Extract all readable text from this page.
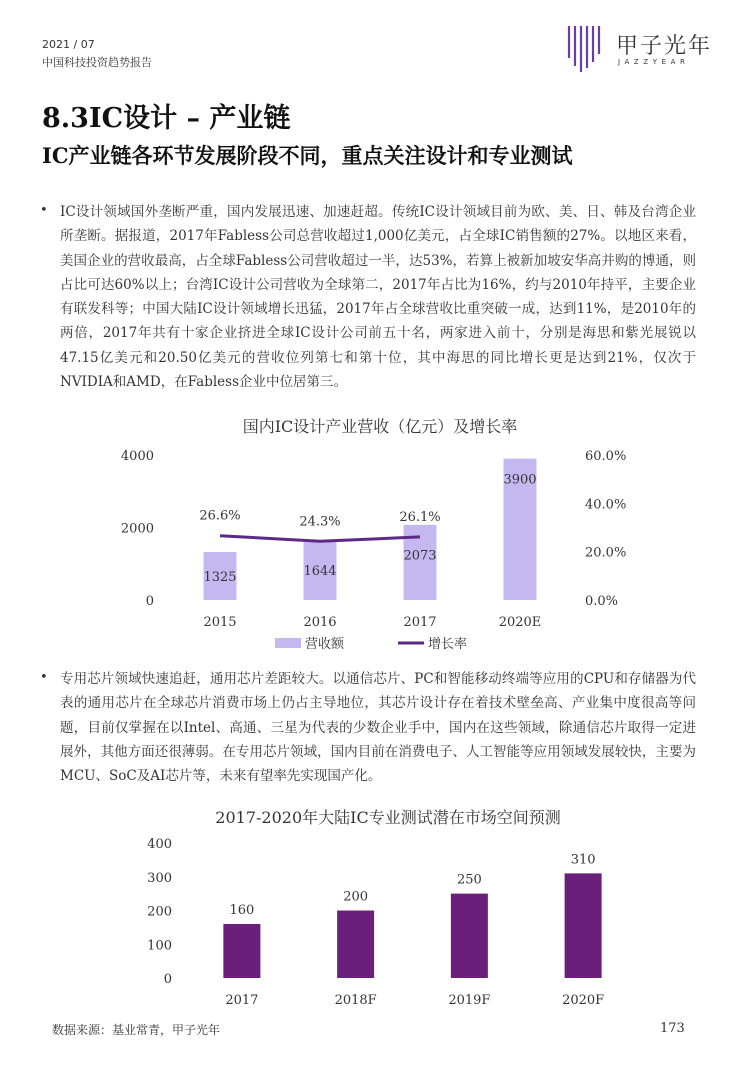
2021 / 07
中国科技投资趋势报告
甲子光年
JAZZYEAR
8.3IC设计 – 产业链
IC产业链各环节发展阶段不同，重点关注设计和专业测试
• IC设计领域国外垄断严重，国内发展迅速、加速赶超。传统IC设计领域目前为欧、美、日、韩及台湾企业所垄断。据报道，2017年Fabless公司总营收超过1,000亿美元，占全球IC销售额的27%。以地区来看，美国企业的营收最高，占全球Fabless公司营收超过一半，达53%，若算上被新加坡安华高并购的博通，则占比可达60%以上；台湾IC设计公司营收为全球第二，2017年占比为16%，约与2010年持平，主要企业有联发科等；中国大陆IC设计领域增长迅猛，2017年占全球营收比重突破一成，达到11%，是2010年的两倍，2017年共有十家企业挤进全球IC设计公司前五十名，两家进入前十，分别是海思和紫光展锐以47.15亿美元和20.50亿美元的营收位列第七和第十位，其中海思的同比增长更是达到21%，仅次于NVIDIA和AMD，在Fabless企业中位居第三。

国内IC设计产业营收（亿元）及增长率
0
2000
4000
0.0%
20.0%
40.0%
60.0%
1325	1644
2073
3900
26.6%	24.3%	26.1%
2015	2016	2017	2020E
营收额	增长率
• 专用芯片领域快速追赶，通用芯片差距较大。以通信芯片、PC和智能移动终端等应用的CPU和存储器为代表的通用芯片在全球芯片消费市场上仍占主导地位，其芯片设计存在着技术壁垒高、产业集中度很高等问题，目前仅掌握在以Intel、高通、三星为代表的少数企业手中，国内在这些领域，除通信芯片取得一定进展外，其他方面还很薄弱。在专用芯片领域，国内目前在消费电子、人工智能等应用领域发展较快，主要为MCU、SoC及AI芯片等，未来有望率先实现国产化。

2017-2020年大陆IC专业测试潜在市场空间预测
0
100
200
300
400
160
200
250
310
2017	2018F	2019F	2020F
数据来源：基业常青，甲子光年	173
